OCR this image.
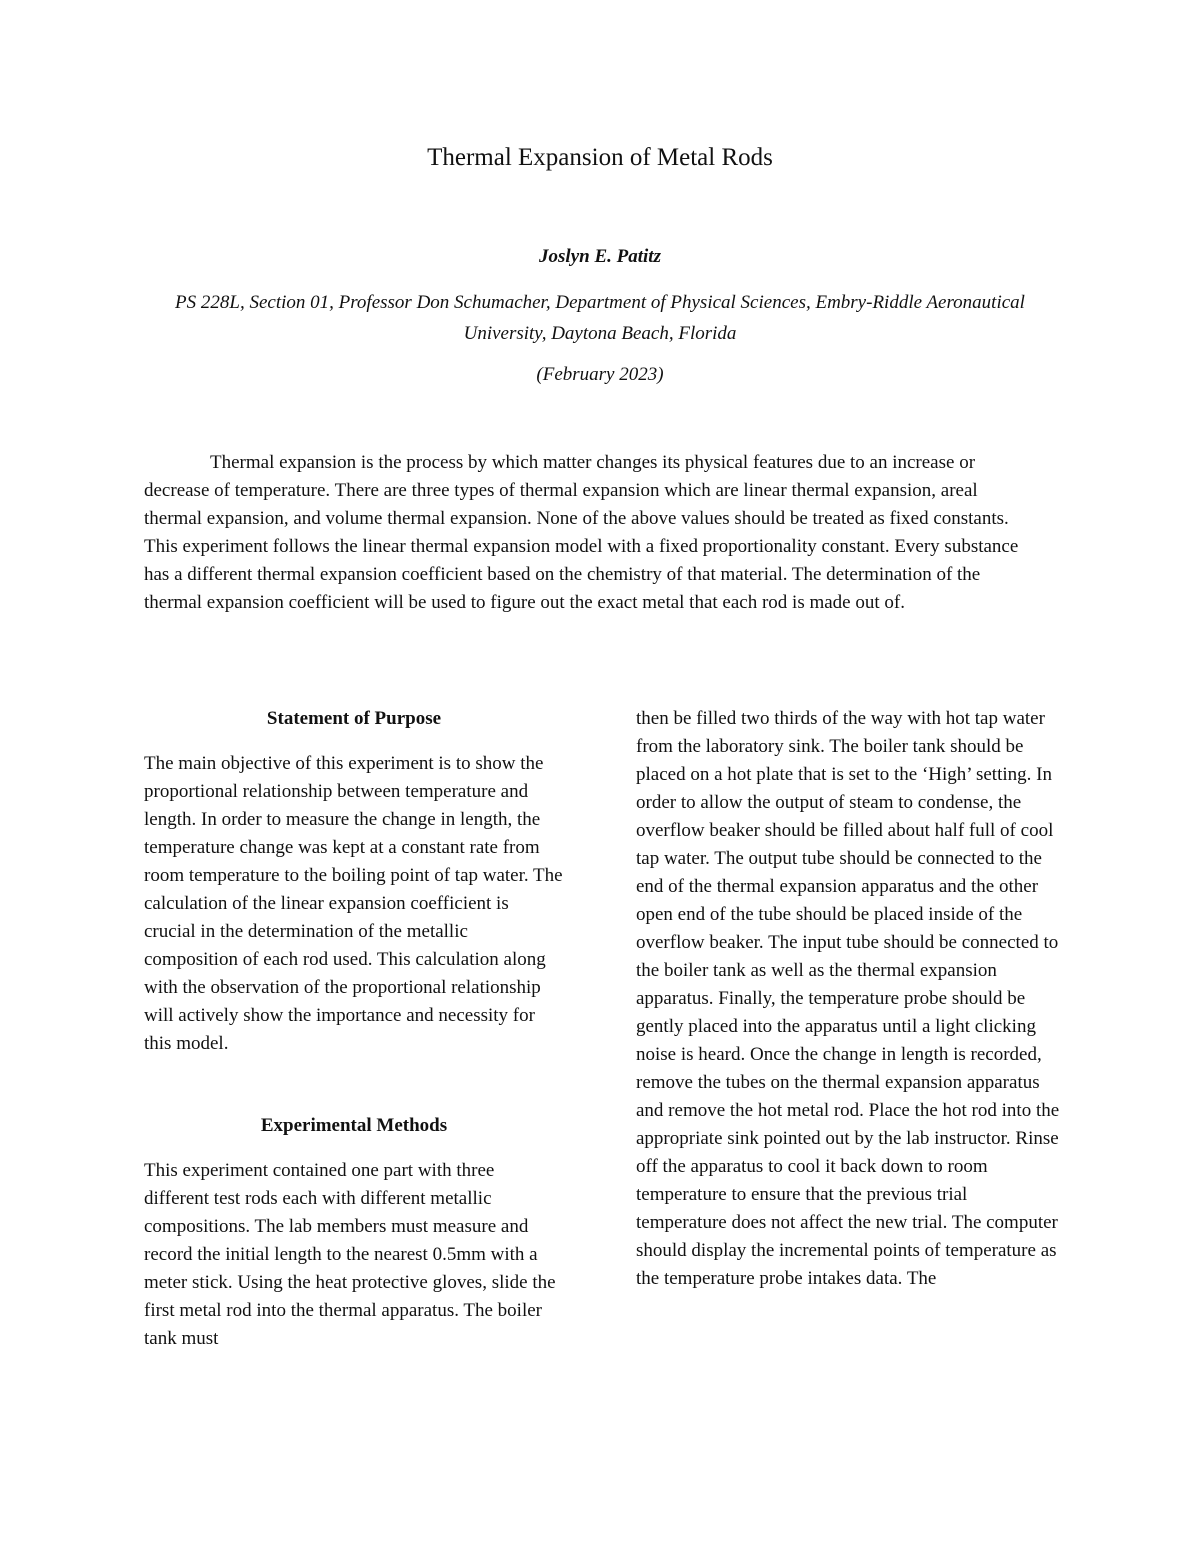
Thermal Expansion of Metal Rods
Joslyn E. Patitz
PS 228L, Section 01, Professor Don Schumacher, Department of Physical Sciences, Embry-Riddle Aeronautical University, Daytona Beach, Florida
(February 2023)

Thermal expansion is the process by which matter changes its physical features due to an increase or decrease of temperature. There are three types of thermal expansion which are linear thermal expansion, areal thermal expansion, and volume thermal expansion. None of the above values should be treated as fixed constants. This experiment follows the linear thermal expansion model with a fixed proportionality constant. Every substance has a different thermal expansion coefficient based on the chemistry of that material. The determination of the thermal expansion coefficient will be used to figure out the exact metal that each rod is made out of.

Statement of Purpose

The main objective of this experiment is to show the proportional relationship between temperature and length. In order to measure the change in length, the temperature change was kept at a constant rate from room temperature to the boiling point of tap water. The calculation of the linear expansion coefficient is crucial in the determination of the metallic composition of each rod used. This calculation along with the observation of the proportional relationship will actively show the importance and necessity for this model.

Experimental Methods

This experiment contained one part with three different test rods each with different metallic compositions. The lab members must measure and record the initial length to the nearest 0.5mm with a meter stick. Using the heat protective gloves, slide the first metal rod into the thermal apparatus. The boiler tank must

then be filled two thirds of the way with hot tap water from the laboratory sink. The boiler tank should be placed on a hot plate that is set to the ‘High’ setting. In order to allow the output of steam to condense, the overflow beaker should be filled about half full of cool tap water. The output tube should be connected to the end of the thermal expansion apparatus and the other open end of the tube should be placed inside of the overflow beaker. The input tube should be connected to the boiler tank as well as the thermal expansion apparatus. Finally, the temperature probe should be gently placed into the apparatus until a light clicking noise is heard. Once the change in length is recorded, remove the tubes on the thermal expansion apparatus and remove the hot metal rod. Place the hot rod into the appropriate sink pointed out by the lab instructor. Rinse off the apparatus to cool it back down to room temperature to ensure that the previous trial temperature does not affect the new trial. The computer should display the incremental points of temperature as the temperature probe intakes data. The
